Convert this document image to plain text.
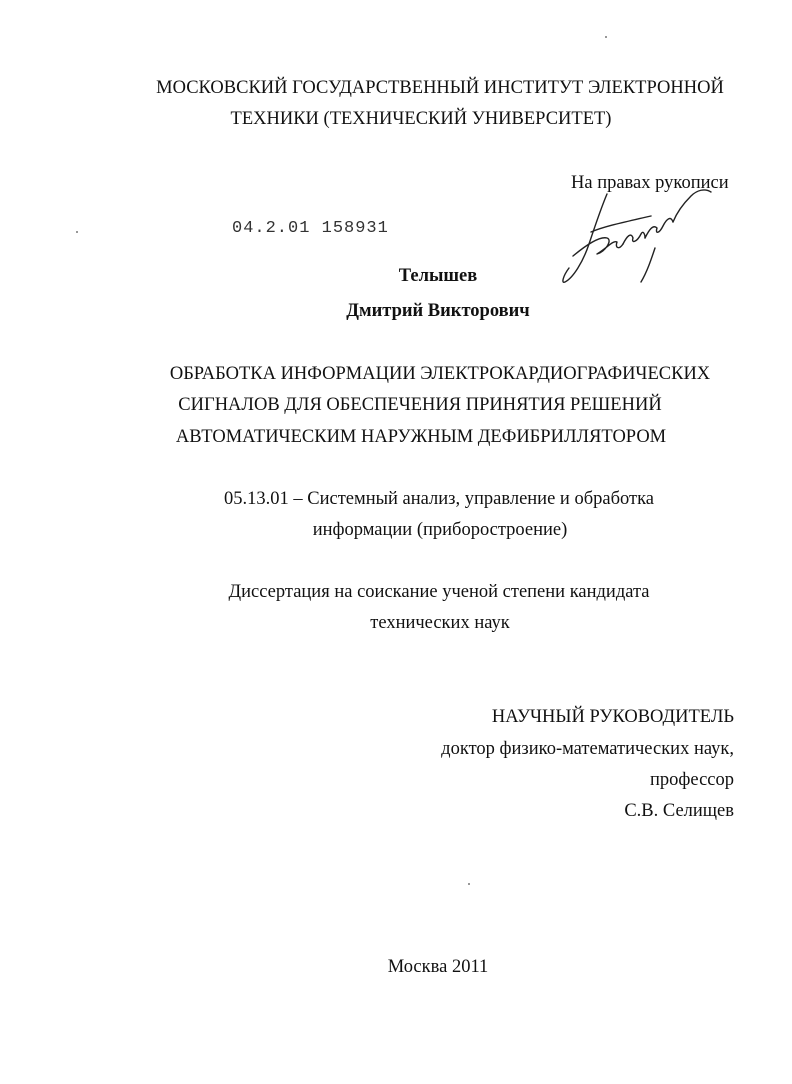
МОСКОВСКИЙ ГОСУДАРСТВЕННЫЙ ИНСТИТУТ ЭЛЕКТРОННОЙ
ТЕХНИКИ (ТЕХНИЧЕСКИЙ УНИВЕРСИТЕТ)
На правах рукописи
04.2.01 158931
Телышев
Дмитрий Викторович
ОБРАБОТКА ИНФОРМАЦИИ ЭЛЕКТРОКАРДИОГРАФИЧЕСКИХ
СИГНАЛОВ ДЛЯ ОБЕСПЕЧЕНИЯ ПРИНЯТИЯ РЕШЕНИЙ
АВТОМАТИЧЕСКИМ НАРУЖНЫМ ДЕФИБРИЛЛЯТОРОМ
05.13.01 – Системный анализ, управление и обработка
информации (приборостроение)
Диссертация на соискание ученой степени кандидата
технических наук
НАУЧНЫЙ РУКОВОДИТЕЛЬ
доктор физико-математических наук,
профессор
С.В. Селищев
Москва 2011
